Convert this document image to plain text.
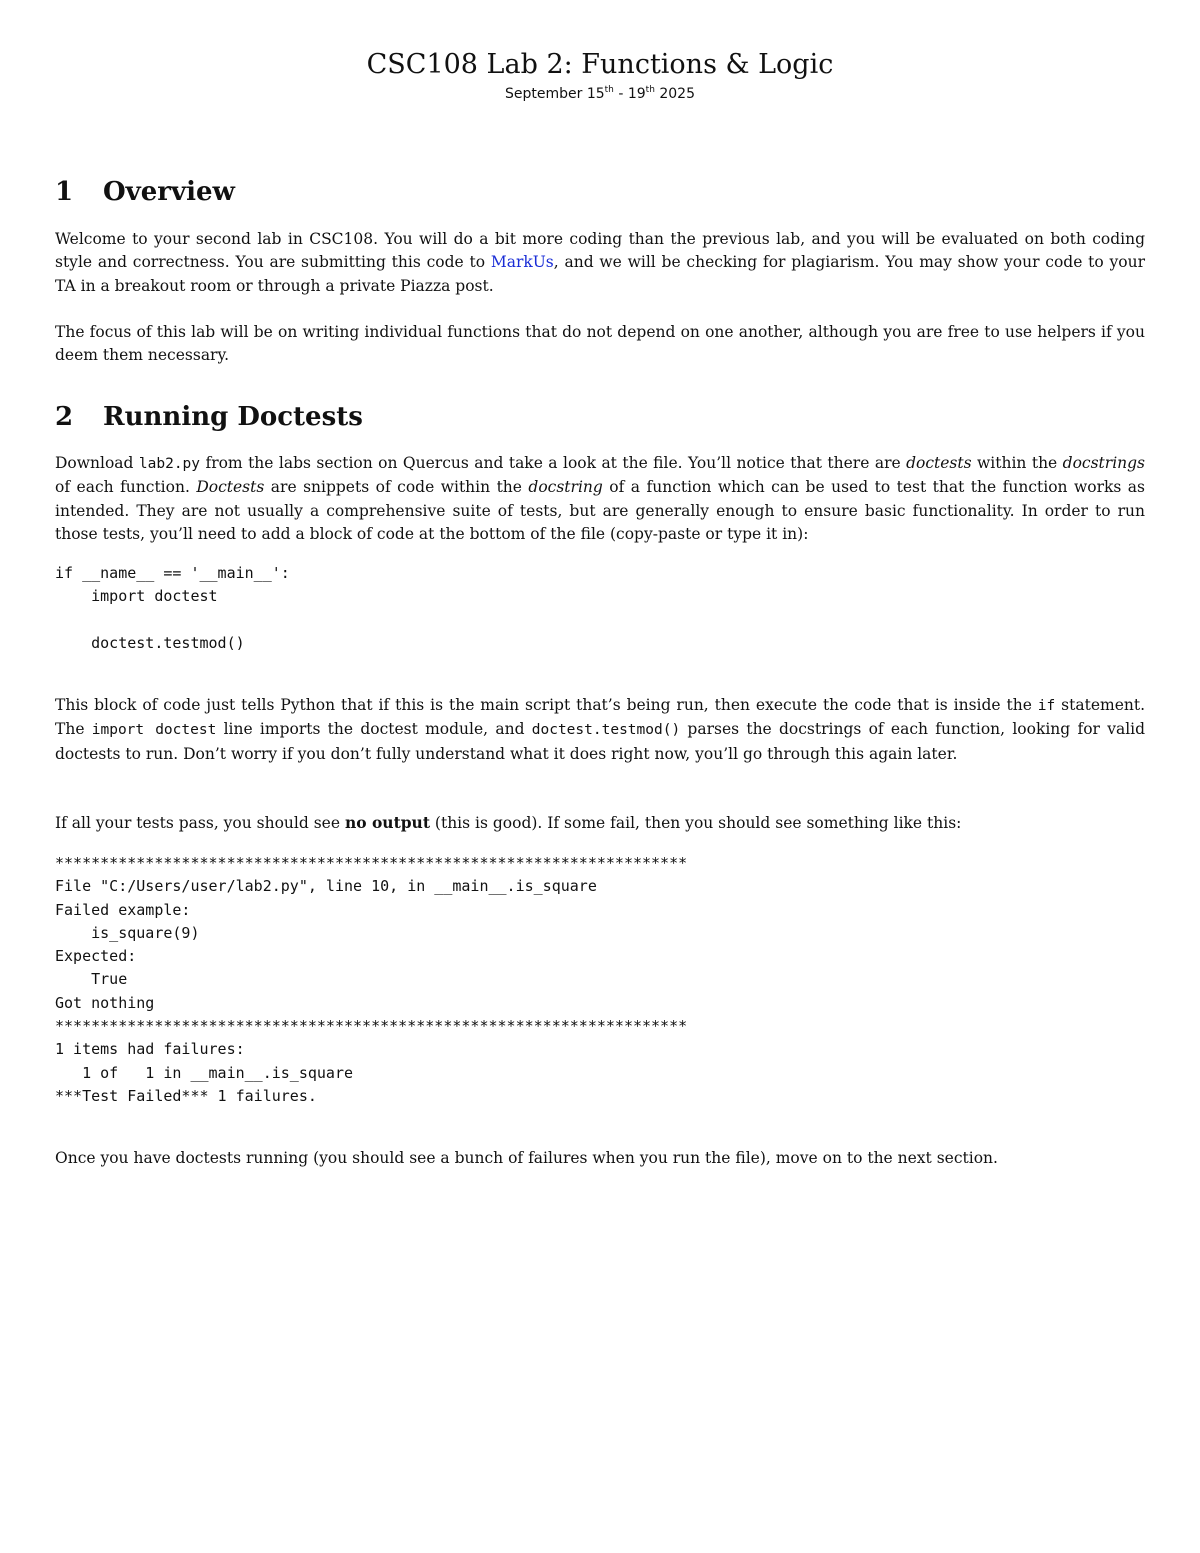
CSC108 Lab 2: Functions & Logic
September 15th - 19th 2025
1 Overview

Welcome to your second lab in CSC108. You will do a bit more coding than the previous lab, and you will be evaluated on both coding style and correctness. You are submitting this code to MarkUs, and we will be checking for plagiarism. You may show your code to your TA in a breakout room or through a private Piazza post.

The focus of this lab will be on writing individual functions that do not depend on one another, although you are free to use helpers if you deem them necessary.

2 Running Doctests

Download lab2.py from the labs section on Quercus and take a look at the file. You’ll notice that there are doctests within the docstrings of each function. Doctests are snippets of code within the docstring of a function which can be used to test that the function works as intended. They are not usually a comprehensive suite of tests, but are generally enough to ensure basic functionality. In order to run those tests, you’ll need to add a block of code at the bottom of the file (copy-paste or type it in):

if __name__ == '__main__':
import doctest

doctest.testmod()

This block of code just tells Python that if this is the main script that’s being run, then execute the code that is inside the if statement. The import doctest line imports the doctest module, and doctest.testmod() parses the docstrings of each function, looking for valid doctests to run. Don’t worry if you don’t fully understand what it does right now, you’ll go through this again later.

If all your tests pass, you should see no output (this is good). If some fail, then you should see something like this:

**********************************************************************
File "C:/Users/user/lab2.py", line 10, in __main__.is_square
Failed example:
is_square(9)
Expected:
True
Got nothing
**********************************************************************
1 items had failures:
1 of   1 in __main__.is_square
***Test Failed*** 1 failures.

Once you have doctests running (you should see a bunch of failures when you run the file), move on to the next section.
